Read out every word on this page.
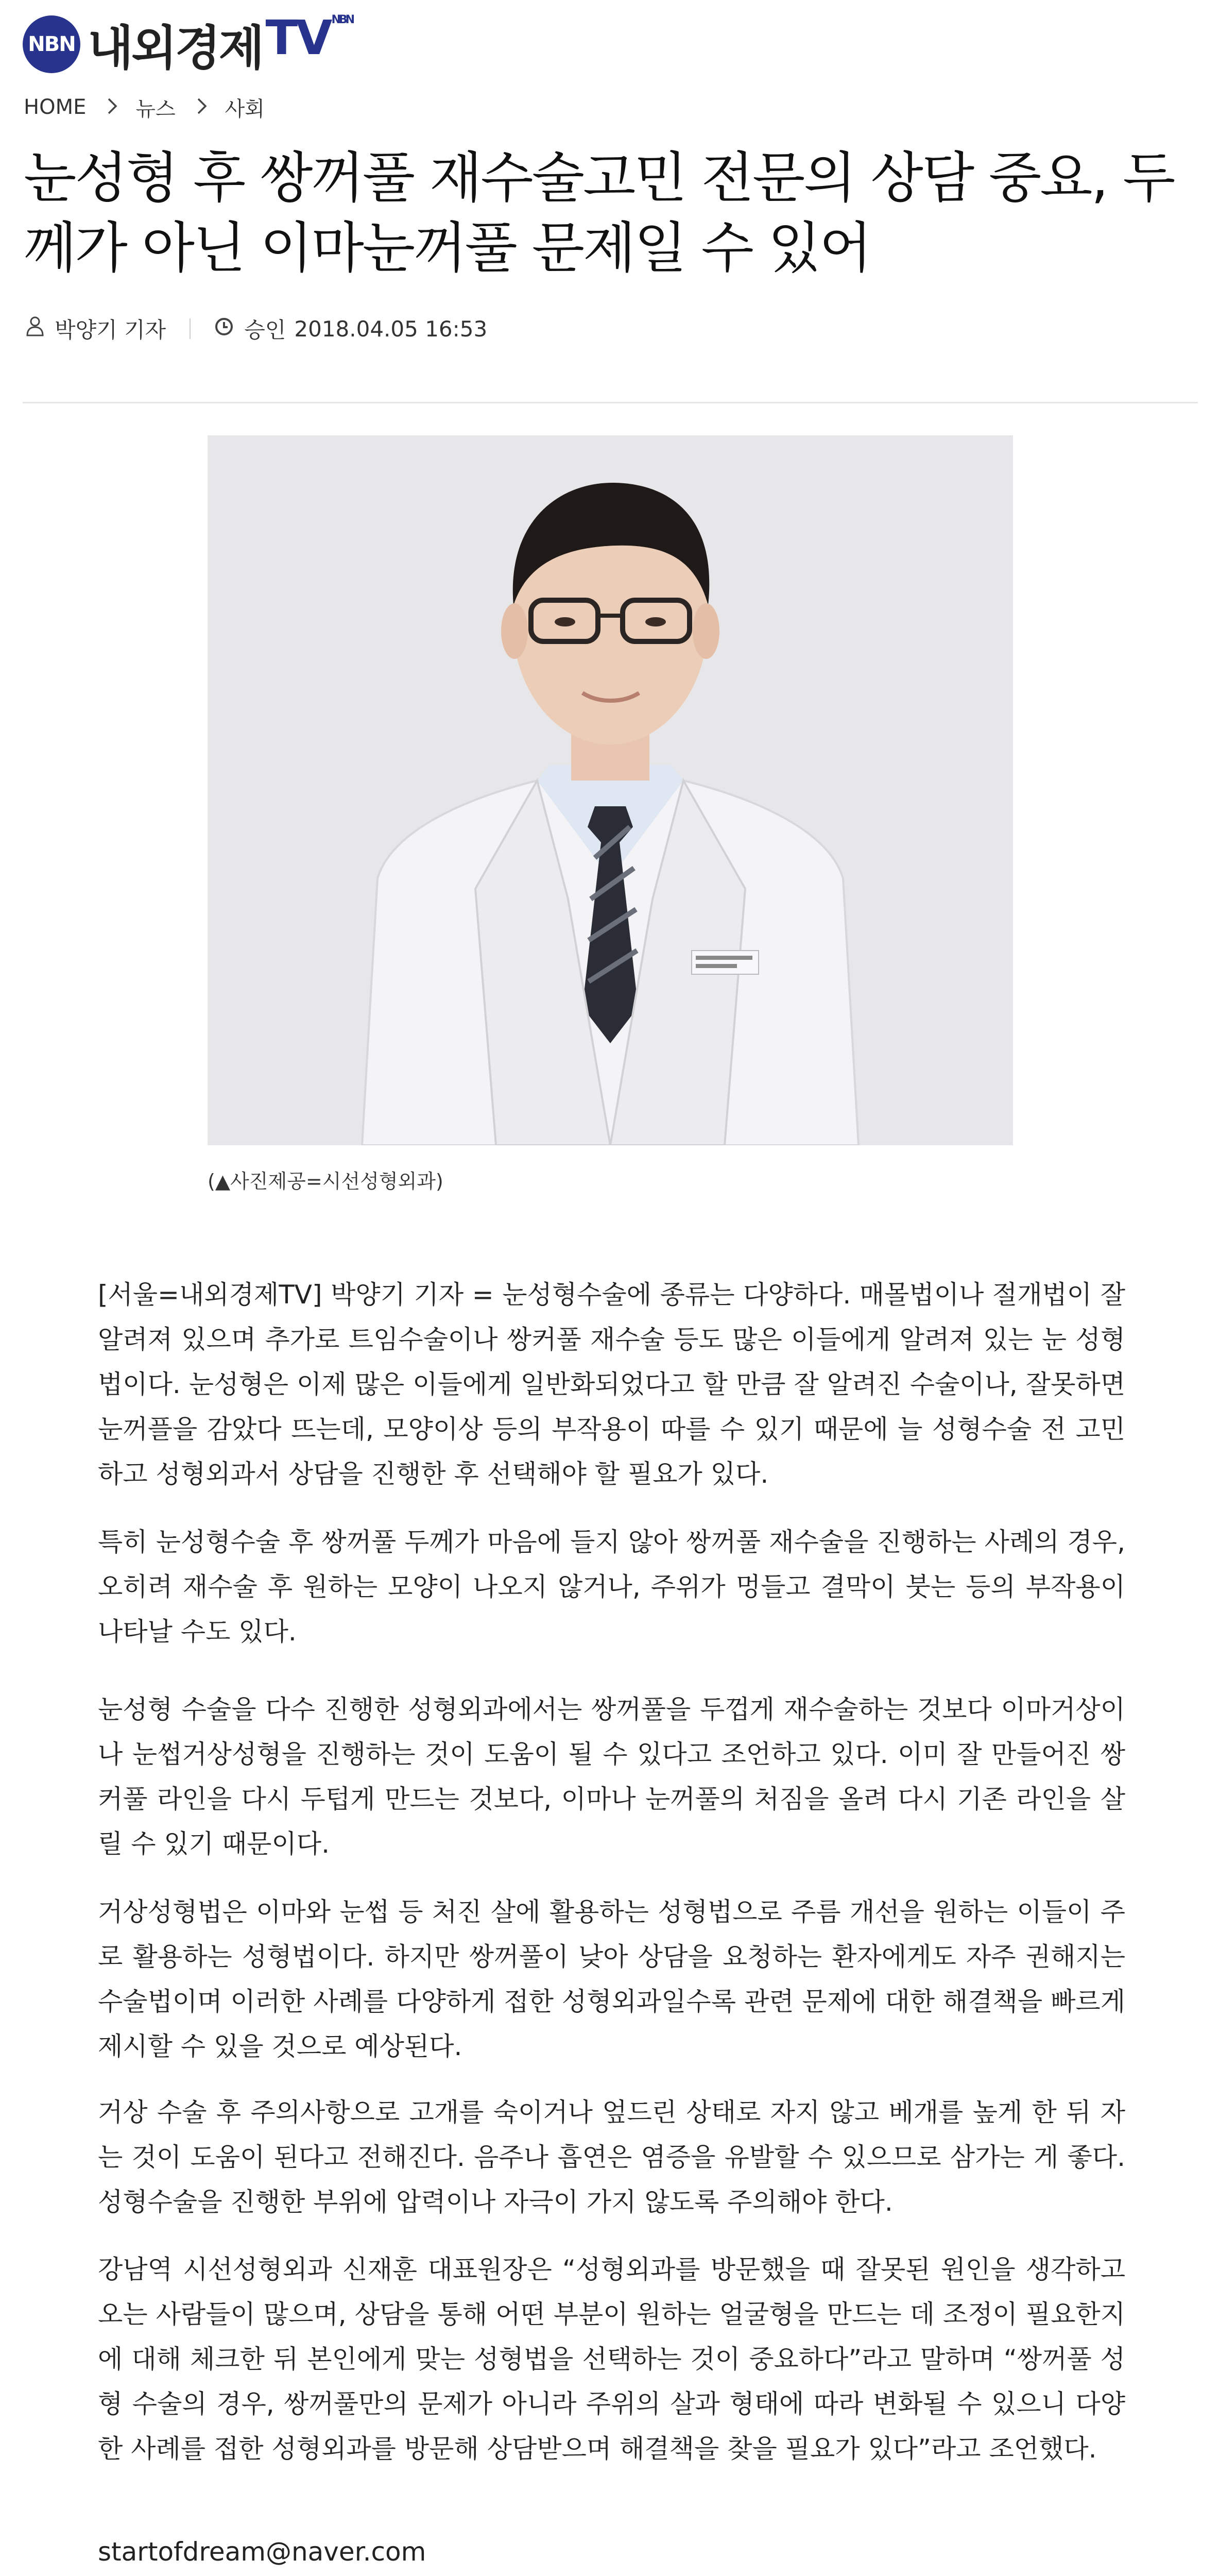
NBN 내외경제 TV NBN
HOME 뉴스 사회
눈성형 후 쌍꺼풀 재수술고민 전문의 상담 중요, 두께가 아닌 이마눈꺼풀 문제일 수 있어
박양기 기자	승인 2018.04.05 16:53
(▲사진제공=시선성형외과)

[서울=내외경제TV] 박양기 기자 = 눈성형수술에 종류는 다양하다. 매몰법이나 절개법이 잘 알려져 있으며 추가로 트임수술이나 쌍커풀 재수술 등도 많은 이들에게 알려져 있는 눈 성형법이다. 눈성형은 이제 많은 이들에게 일반화되었다고 할 만큼 잘 알려진 수술이나, 잘못하면 눈꺼플을 감았다 뜨는데, 모양이상 등의 부작용이 따를 수 있기 때문에 늘 성형수술 전 고민하고 성형외과서 상담을 진행한 후 선택해야 할 필요가 있다.

특히 눈성형수술 후 쌍꺼풀 두께가 마음에 들지 않아 쌍꺼풀 재수술을 진행하는 사례의 경우, 오히려 재수술 후 원하는 모양이 나오지 않거나, 주위가 멍들고 결막이 붓는 등의 부작용이 나타날 수도 있다.

눈성형 수술을 다수 진행한 성형외과에서는 쌍꺼풀을 두껍게 재수술하는 것보다 이마거상이나 눈썹거상성형을 진행하는 것이 도움이 될 수 있다고 조언하고 있다. 이미 잘 만들어진 쌍커풀 라인을 다시 두텁게 만드는 것보다, 이마나 눈꺼풀의 처짐을 올려 다시 기존 라인을 살릴 수 있기 때문이다.

거상성형법은 이마와 눈썹 등 처진 살에 활용하는 성형법으로 주름 개선을 원하는 이들이 주로 활용하는 성형법이다. 하지만 쌍꺼풀이 낮아 상담을 요청하는 환자에게도 자주 권해지는 수술법이며 이러한 사례를 다양하게 접한 성형외과일수록 관련 문제에 대한 해결책을 빠르게 제시할 수 있을 것으로 예상된다.

거상 수술 후 주의사항으로 고개를 숙이거나 엎드린 상태로 자지 않고 베개를 높게 한 뒤 자는 것이 도움이 된다고 전해진다. 음주나 흡연은 염증을 유발할 수 있으므로 삼가는 게 좋다. 성형수술을 진행한 부위에 압력이나 자극이 가지 않도록 주의해야 한다.

강남역 시선성형외과 신재훈 대표원장은 “성형외과를 방문했을 때 잘못된 원인을 생각하고 오는 사람들이 많으며, 상담을 통해 어떤 부분이 원하는 얼굴형을 만드는 데 조정이 필요한지에 대해 체크한 뒤 본인에게 맞는 성형법을 선택하는 것이 중요하다”라고 말하며 “쌍꺼풀 성형 수술의 경우, 쌍꺼풀만의 문제가 아니라 주위의 살과 형태에 따라 변화될 수 있으니 다양한 사례를 접한 성형외과를 방문해 상담받으며 해결책을 찾을 필요가 있다”라고 조언했다.

startofdream@naver.com
